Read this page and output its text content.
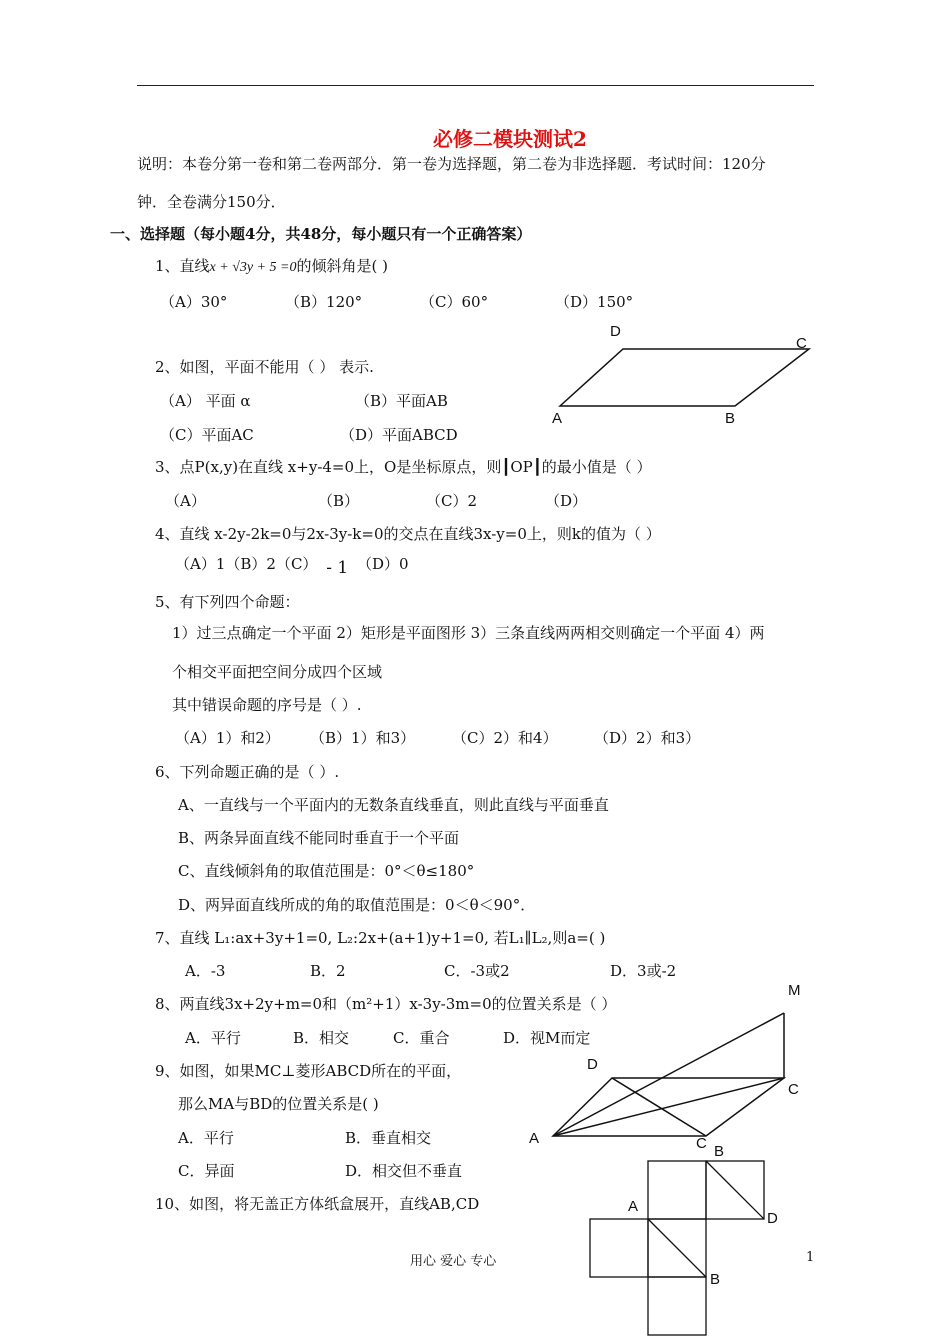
必修二模块测试2
说明：本卷分第一卷和第二卷两部分．第一卷为选择题，第二卷为非选择题．考试时间：120分
钟．全卷满分150分．
一、选择题（每小题4分，共48分，每小题只有一个正确答案）
1、直线x + √3y + 5 =0的倾斜角是( )
（A）30°	（B）120°	（C）60°	（D）150°
D
C
A	B
2、如图，平面不能用（ ） 表示.
（A） 平面 α	（B）平面AB
（C）平面AC	（D）平面ABCD
3、点P(x,y)在直线 x+y-4=0上，O是坐标原点，则┃OP┃的最小值是（ ）
（A）	（B）	（C）2	（D）
4、直线 x-2y-2k=0与2x-3y-k=0的交点在直线3x-y=0上，则k的值为（ ）
（A）1（B）2（C） - 1 （D）0
5、有下列四个命题：
1）过三点确定一个平面 2）矩形是平面图形 3）三条直线两两相交则确定一个平面 4）两
个相交平面把空间分成四个区域
其中错误命题的序号是（ ）.
（A）1）和2） （B）1）和3） （C）2）和4） （D）2）和3）
6、下列命题正确的是（ ）.
A、一直线与一个平面内的无数条直线垂直，则此直线与平面垂直
B、两条异面直线不能同时垂直于一个平面
C、直线倾斜角的取值范围是：0°＜θ≤180°
D、两异面直线所成的角的取值范围是：0＜θ＜90°．
7、直线 L₁:ax+3y+1=0, L₂:2x+(a+1)y+1=0, 若L₁∥L₂,则a=( )
A．-3	B．2	C．-3或2	D．3或-2
8、两直线3x+2y+m=0和（m²+1）x-3y-3m=0的位置关系是（ ）
A．平行	B．相交	C．重合	D．视M而定
M
D
C
A	C
9、如图，如果MC⊥菱形ABCD所在的平面，
那么MA与BD的位置关系是( )
A．平行	B．垂直相交
C．异面	D．相交但不垂直
B
A
D
B
10、如图，将无盖正方体纸盒展开，直线AB,CD
用心 爱心 专心	1
